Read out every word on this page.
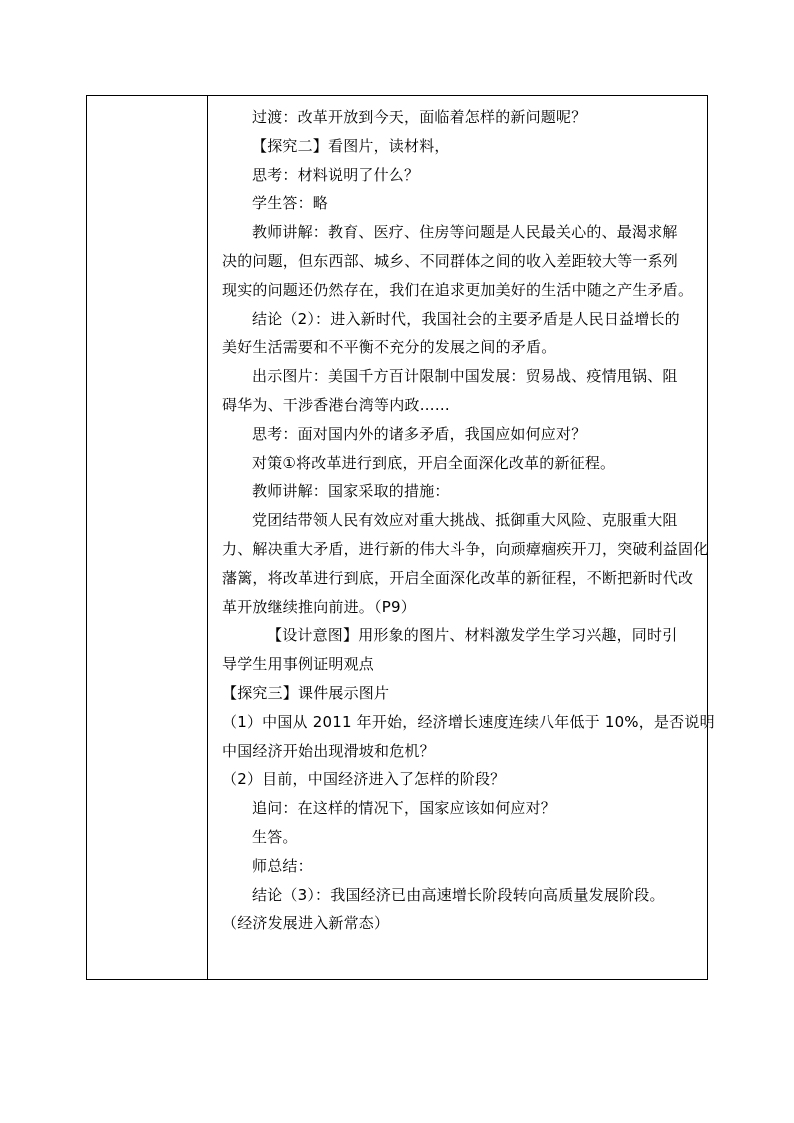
过渡：改革开放到今天，面临着怎样的新问题呢？
【探究二】看图片，读材料，
思考：材料说明了什么？
学生答：略
教师讲解：教育、医疗、住房等问题是人民最关心的、最渴求解
决的问题，但东西部、城乡、不同群体之间的收入差距较大等一系列
现实的问题还仍然存在，我们在追求更加美好的生活中随之产生矛盾。
结论（2）：进入新时代，我国社会的主要矛盾是人民日益增长的
美好生活需要和不平衡不充分的发展之间的矛盾。
出示图片：美国千方百计限制中国发展：贸易战、疫情甩锅、阻
碍华为、干涉香港台湾等内政……
思考：面对国内外的诸多矛盾，我国应如何应对？
对策①将改革进行到底，开启全面深化改革的新征程。
教师讲解：国家采取的措施：
党团结带领人民有效应对重大挑战、抵御重大风险、克服重大阻
力、解决重大矛盾，进行新的伟大斗争，向顽瘴痼疾开刀，突破利益固化
藩篱，将改革进行到底，开启全面深化改革的新征程，不断把新时代改
革开放继续推向前进。（P9）
【设计意图】用形象的图片、材料激发学生学习兴趣，同时引
导学生用事例证明观点
【探究三】课件展示图片
（1）中国从 2011 年开始，经济增长速度连续八年低于 10%，是否说明
中国经济开始出现滑坡和危机？
（2）目前，中国经济进入了怎样的阶段？
追问：在这样的情况下，国家应该如何应对？
生答。
师总结：
结论（3）：我国经济已由高速增长阶段转向高质量发展阶段。
（经济发展进入新常态）
